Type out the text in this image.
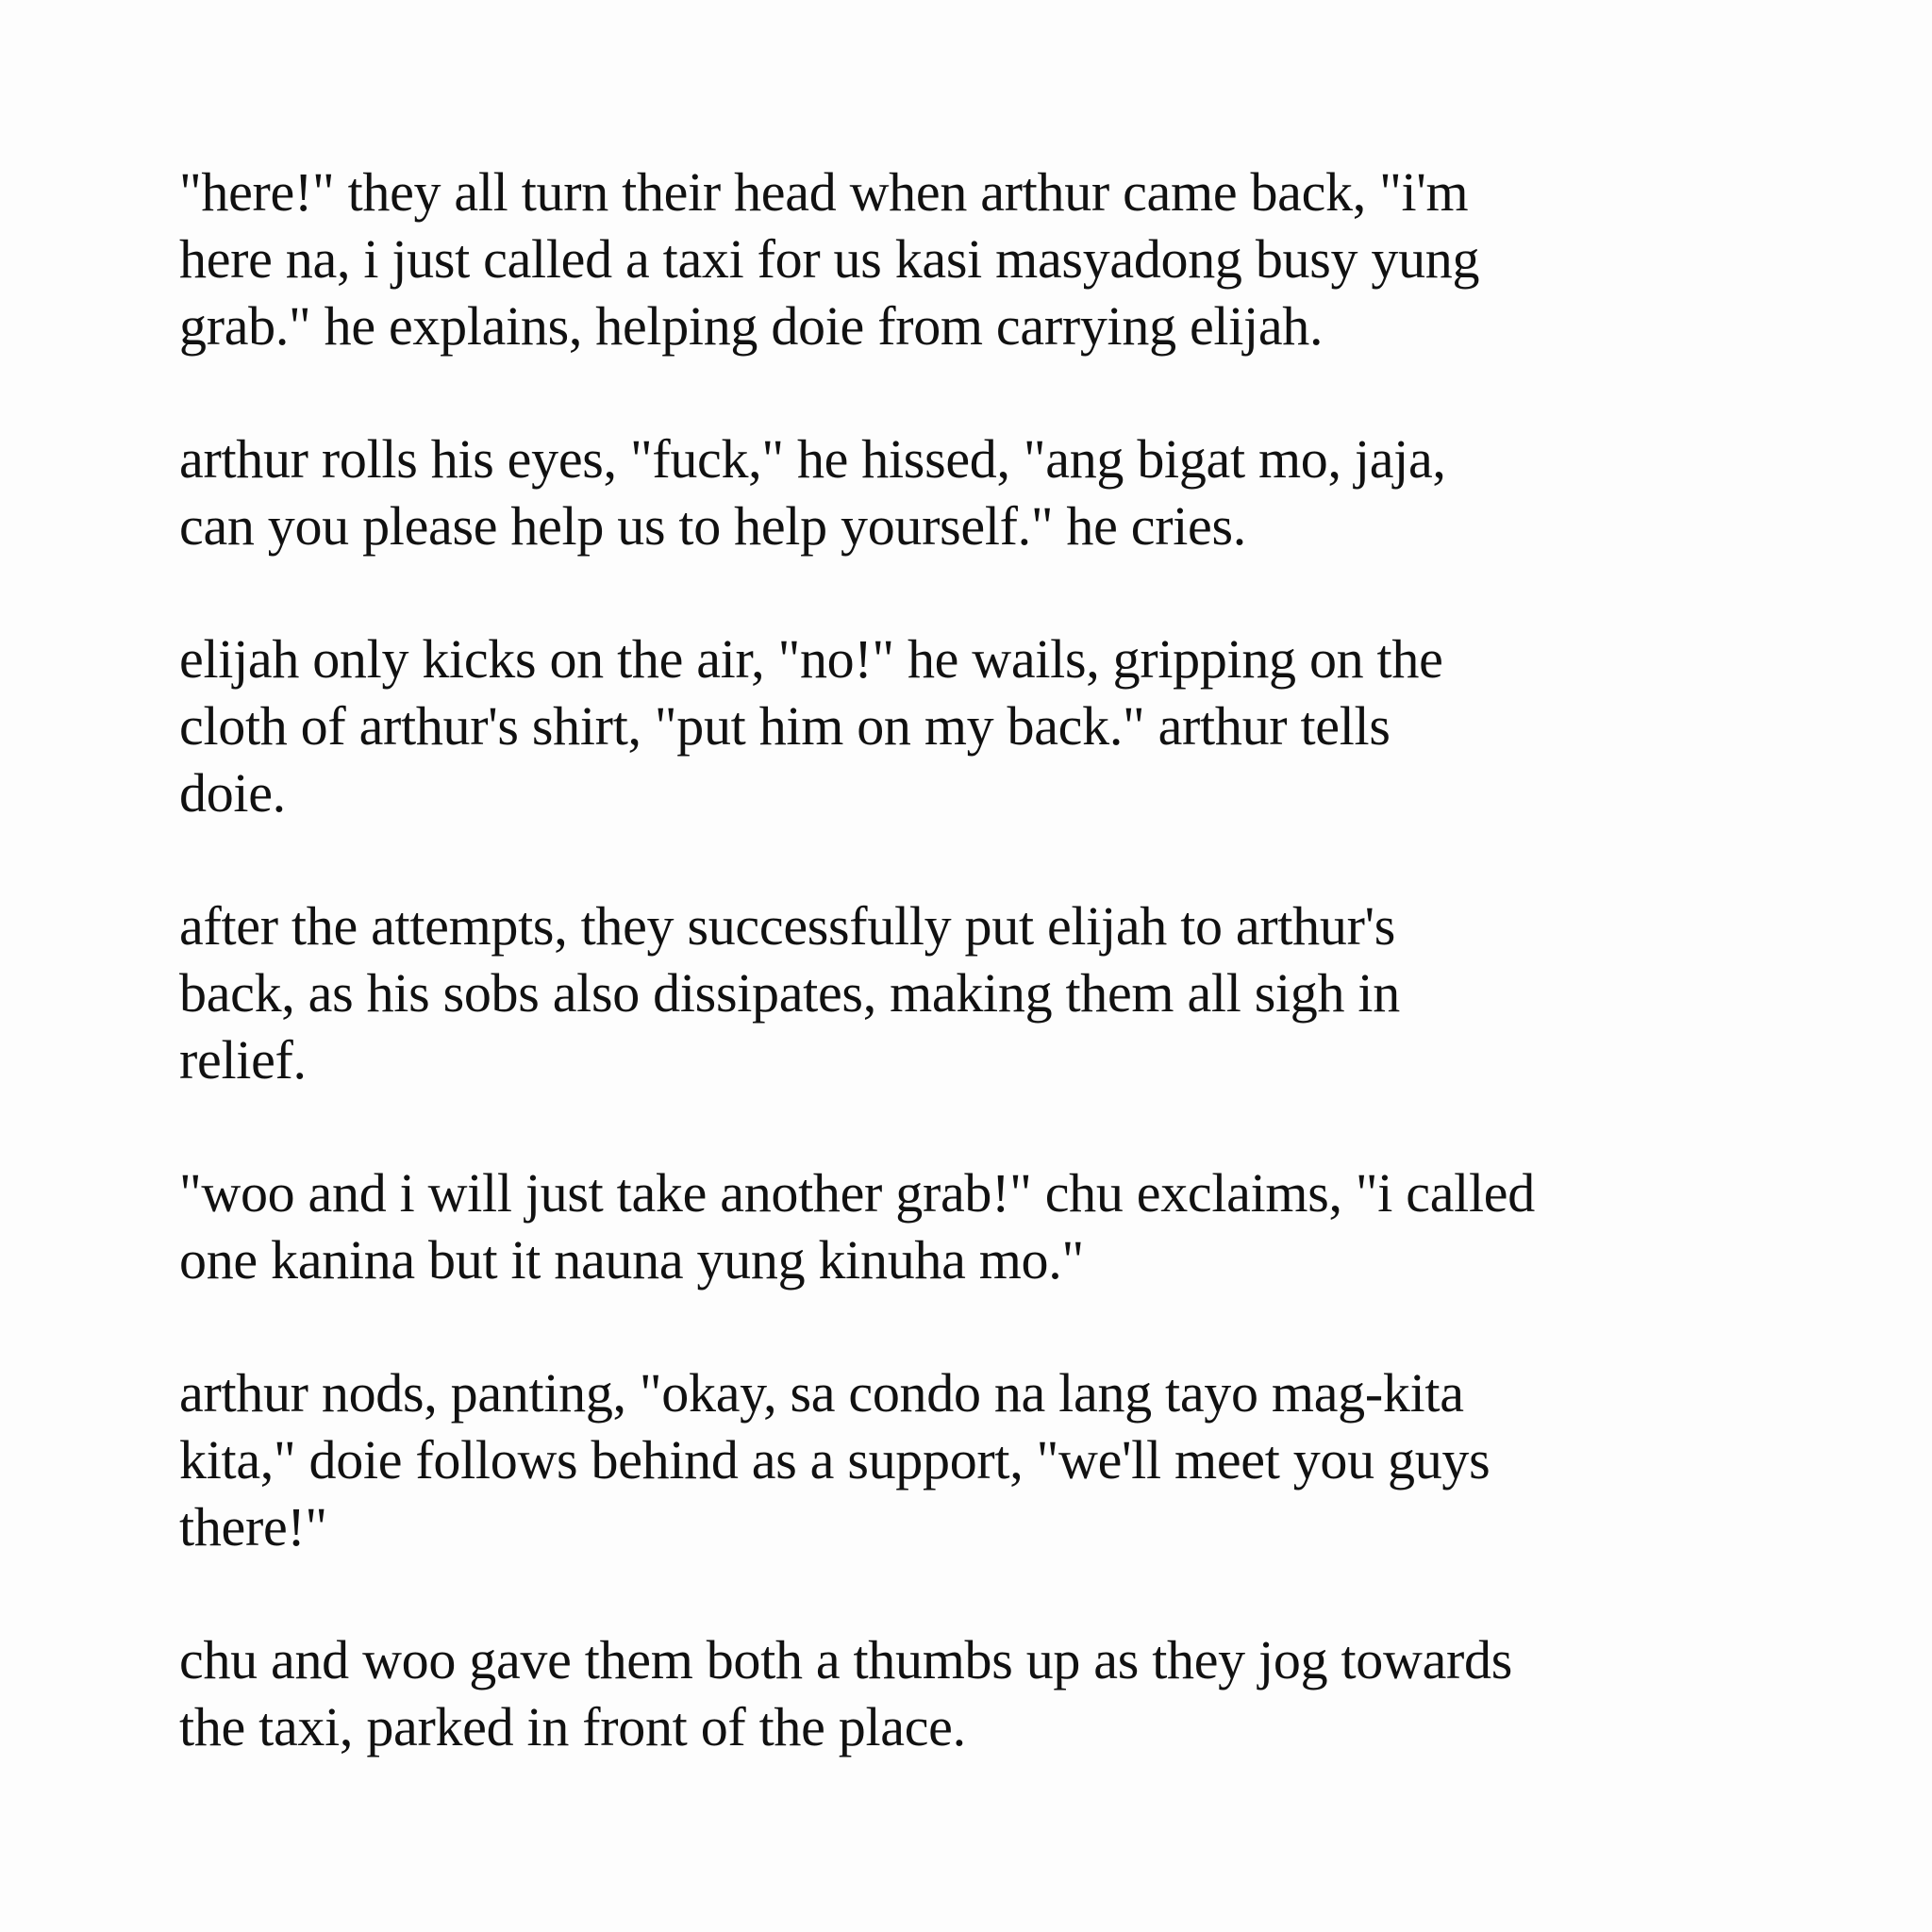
"here!" they all turn their head when arthur came back, "i'm
here na, i just called a taxi for us kasi masyadong busy yung
grab." he explains, helping doie from carrying elijah.

arthur rolls his eyes, "fuck," he hissed, "ang bigat mo, jaja,
can you please help us to help yourself." he cries.

elijah only kicks on the air, "no!" he wails, gripping on the
cloth of arthur's shirt, "put him on my back." arthur tells
doie.

after the attempts, they successfully put elijah to arthur's
back, as his sobs also dissipates, making them all sigh in
relief.

"woo and i will just take another grab!" chu exclaims, "i called
one kanina but it nauna yung kinuha mo."

arthur nods, panting, "okay, sa condo na lang tayo mag-kita
kita," doie follows behind as a support, "we'll meet you guys
there!"

chu and woo gave them both a thumbs up as they jog towards
the taxi, parked in front of the place.
